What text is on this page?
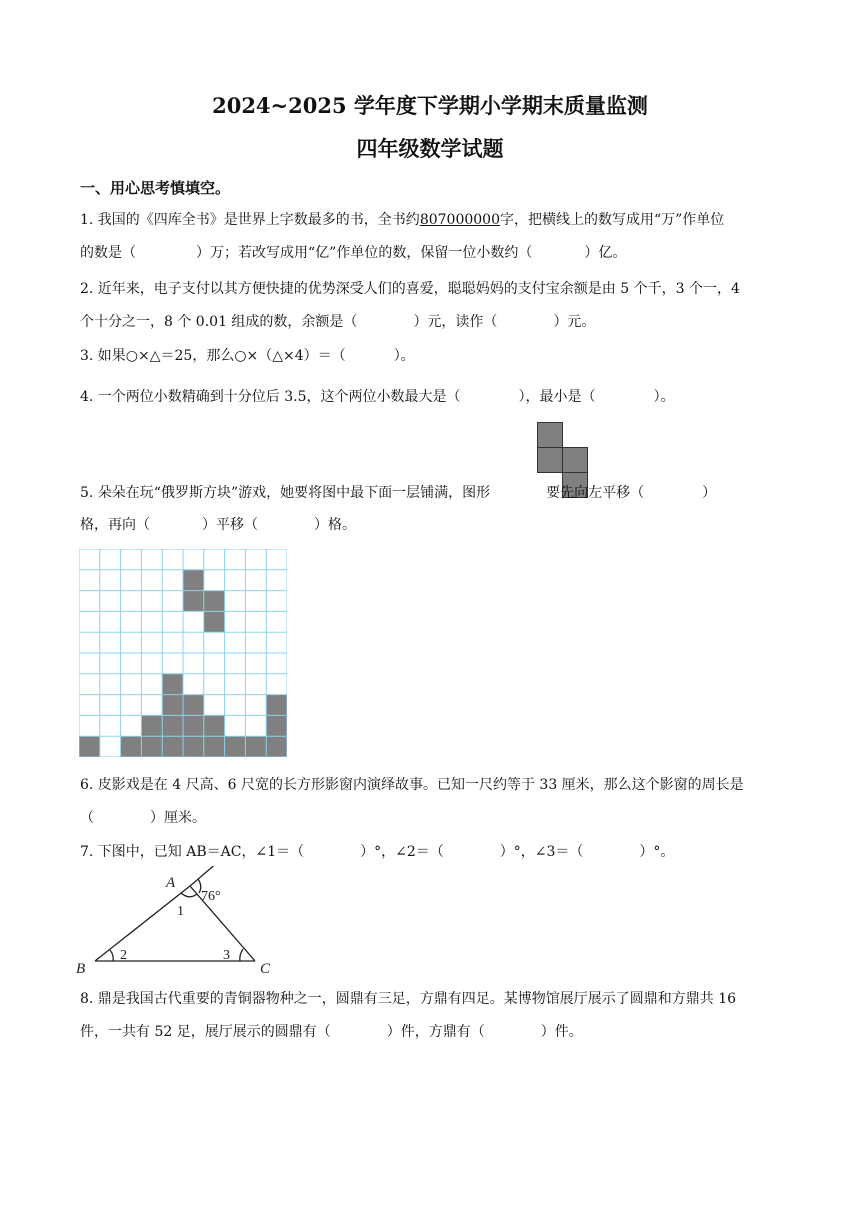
2024~2025 学年度下学期小学期末质量监测
四年级数学试题
一、用心思考慎填空。
1. 我国的《四库全书》是世界上字数最多的书，全书约807000000字，把横线上的数写成用“万”作单位
的数是（	）万；若改写成用“亿”作单位的数，保留一位小数约（	）亿。
2. 近年来，电子支付以其方便快捷的优势深受人们的喜爱，聪聪妈妈的支付宝余额是由 5 个千，3 个一，4
个十分之一，8 个 0.01 组成的数，余额是（	）元，读作（	）元。
3. 如果○×△＝25，那么○×（△×4）＝（	）。
4. 一个两位小数精确到十分位后 3.5，这个两位小数最大是（	），最小是（	）。
5. 朵朵在玩“俄罗斯方块”游戏，她要将图中最下面一层铺满，图形	要先向左平移（	）
格，再向（	）平移（	）格。
6. 皮影戏是在 4 尺高、6 尺宽的长方形影窗内演绎故事。已知一尺约等于 33 厘米，那么这个影窗的周长是
（	）厘米。
7. 下图中，已知 AB＝AC，∠1＝（	）°，∠2＝（	）°，∠3＝（	）°。
A
B	C
1
2	3
76°
8. 鼎是我国古代重要的青铜器物种之一，圆鼎有三足，方鼎有四足。某博物馆展厅展示了圆鼎和方鼎共 16
件，一共有 52 足，展厅展示的圆鼎有（	）件，方鼎有（	）件。
